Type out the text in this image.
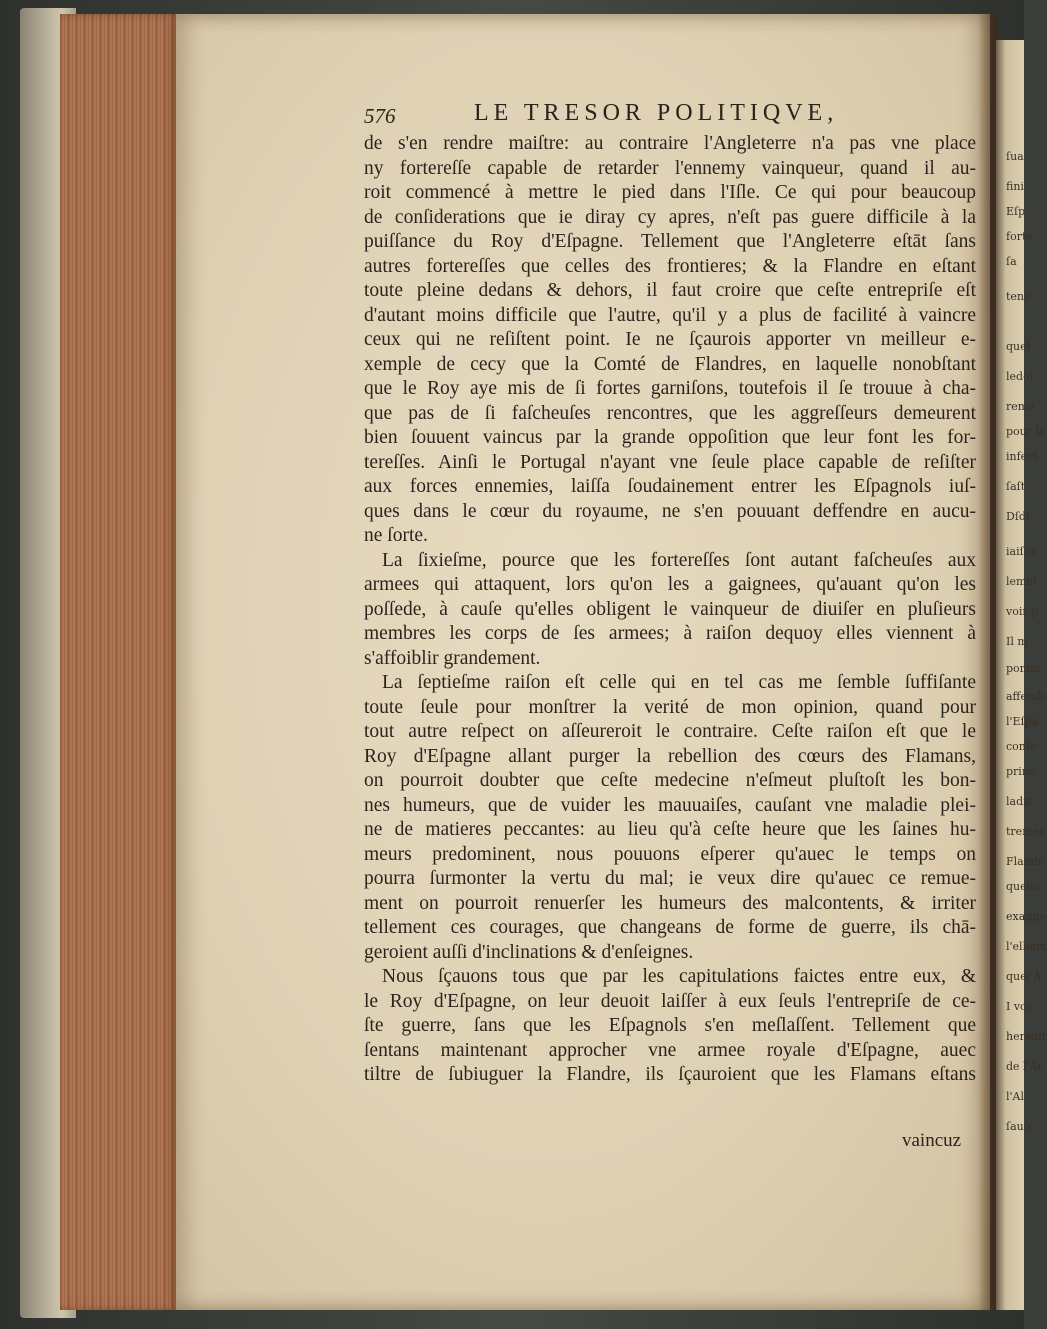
ſua
fini
Eſp
forte
ſa
tenz
quel
ledoi
reme
pour le
infect
ſaſt
Dſdi
iaiſon
lemel
voir p
Il m
pomm
affemb
l'Eſpa
conſe
princ
ladic
tremen
Flandr
quelle
exagge
l'elbom
quel'A
I voy
heredit
de l'Ar
l'Al
ſauo
576	LE TRESOR POLITIQVE,
de s'en rendre maiſtre: au contraire l'Angleterre n'a pas vne place
ny fortereſſe capable de retarder l'ennemy vainqueur, quand il au-
roit commencé à mettre le pied dans l'Iſle. Ce qui pour beaucoup
de conſiderations que ie diray cy apres, n'eſt pas guere difficile à la
puiſſance du Roy d'Eſpagne. Tellement que l'Angleterre eſtāt ſans
autres fortereſſes que celles des frontieres; & la Flandre en eſtant
toute pleine dedans & dehors, il faut croire que ceſte entrepriſe eſt
d'autant moins difficile que l'autre, qu'il y a plus de facilité à vaincre
ceux qui ne reſiſtent point. Ie ne ſçaurois apporter vn meilleur e-
xemple de cecy que la Comté de Flandres, en laquelle nonobſtant
que le Roy aye mis de ſi fortes garniſons, toutefois il ſe trouue à cha-
que pas de ſi faſcheuſes rencontres, que les aggreſſeurs demeurent
bien ſouuent vaincus par la grande oppoſition que leur font les for-
tereſſes. Ainſi le Portugal n'ayant vne ſeule place capable de reſiſter
aux forces ennemies, laiſſa ſoudainement entrer les Eſpagnols iuſ-
ques dans le cœur du royaume, ne s'en pouuant deffendre en aucu-
ne ſorte.
La ſixieſme, pource que les fortereſſes ſont autant faſcheuſes aux
armees qui attaquent, lors qu'on les a gaignees, qu'auant qu'on les
poſſede, à cauſe qu'elles obligent le vainqueur de diuiſer en pluſieurs
membres les corps de ſes armees; à raiſon dequoy elles viennent à
s'affoiblir grandement.
La ſeptieſme raiſon eſt celle qui en tel cas me ſemble ſuffiſante
toute ſeule pour monſtrer la verité de mon opinion, quand pour
tout autre reſpect on aſſeureroit le contraire. Ceſte raiſon eſt que le
Roy d'Eſpagne allant purger la rebellion des cœurs des Flamans,
on pourroit doubter que ceſte medecine n'eſmeut pluſtoſt les bon-
nes humeurs, que de vuider les mauuaiſes, cauſant vne maladie plei-
ne de matieres peccantes: au lieu qu'à ceſte heure que les ſaines hu-
meurs predominent, nous pouuons eſperer qu'auec le temps on
pourra ſurmonter la vertu du mal; ie veux dire qu'auec ce remue-
ment on pourroit renuerſer les humeurs des malcontents, & irriter
tellement ces courages, que changeans de forme de guerre, ils chā-
geroient auſſi d'inclinations & d'enſeignes.
Nous ſçauons tous que par les capitulations faictes entre eux, &
le Roy d'Eſpagne, on leur deuoit laiſſer à eux ſeuls l'entrepriſe de ce-
ſte guerre, ſans que les Eſpagnols s'en meſlaſſent. Tellement que
ſentans maintenant approcher vne armee royale d'Eſpagne, auec
tiltre de ſubiuguer la Flandre, ils ſçauroient que les Flamans eſtans
vaincuz
